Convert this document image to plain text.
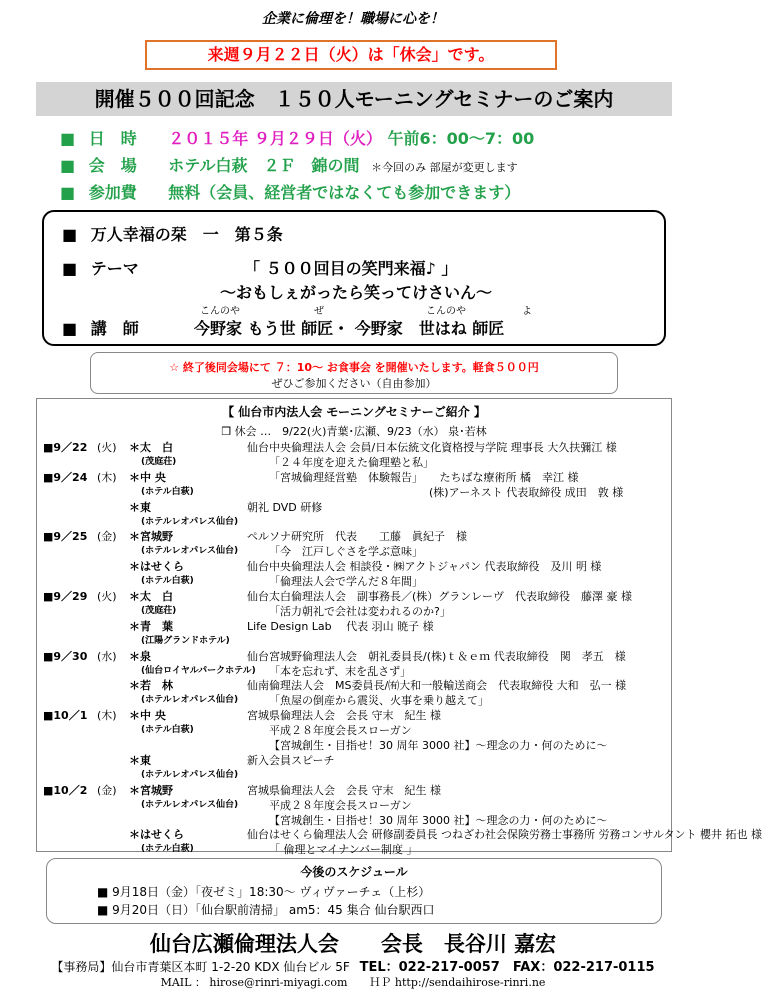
企業に倫理を！職場に心を！
来週９月２２日（火）は「休会」です。
開催５００回記念　１５０人モーニングセミナーのご案内
■ 日　時 ２０１５年 ９月２９日（火） 午前6：00～7：00
■ 会　場 ホテル白萩　２Ｆ　錦の間 ＊今回のみ 部屋が変更します
■ 参加費 無料（会員、経営者ではなくても参加できます）
■ 万人幸福の栞　一　第５条
■ テーマ	「 ５００回目の笑門来福♪ 」
～おもしぇがったら笑ってけさいん～
こんのや	ぜ	こんのや	よ
■ 講　師	今野家 もう世 師匠・ 今野家　世はね 師匠
☆ 終了後同会場にて ７：10～ お食事会 を開催いたします。軽食５００円
ぜひご参加ください（自由参加）
【 仙台市内法人会 モーニングセミナーご紹介 】
❒ 休会 …　9/22(火)青葉･広瀬、9/23（水） 泉･若林
■9／22 (火) ＊太　白	仙台中央倫理法人会 会員/日本伝統文化資格授与学院 理事長 大久扶彌江 様
(茂庭荘)	「２４年度を迎えた倫理塾と私」
■9／24 (木) ＊中 央	「宮城倫理経営塾　体験報告」　　たちばな療術所 橘　幸江 様
(ホテル白萩)	(株)アーネスト 代表取締役 成田　敦 様
＊東	朝礼 DVD 研修
(ホテルレオパレス仙台)
■9／25 (金) ＊宮城野	ペルソナ研究所　代表　　工藤　眞紀子　様
(ホテルレオパレス仙台)	「今　江戸しぐさを学ぶ意味」
＊はせくら	仙台中央倫理法人会 相談役・㈱アクトジャパン 代表取締役　及川 明 様
(ホテル白萩)	「倫理法人会で学んだ８年間」
■9／29 (火) ＊太　白	仙台太白倫理法人会　副事務長／(株）グランレーヴ　代表取締役　藤澤 豪 様
(茂庭荘)	「活力朝礼で会社は変われるのか?」
＊青　葉	Life Design Lab　 代表 羽山 暁子 様
(江陽グランドホテル)
■9／30 (水) ＊泉	仙台宮城野倫理法人会　朝礼委員長/(株)ｔ＆ｅｍ 代表取締役　関　孝五　様
(仙台ロイヤルパークホテル) 「本を忘れず、末を乱さず」
＊若　林	仙南倫理法人会　MS委員長/㈲大和一般輸送商会　代表取締役 大和　弘一 様
(ホテルレオパレス仙台)	「魚屋の倒産から震災、火事を乗り越えて」
■10／1 (木) ＊中 央	宮城県倫理法人会　会長 守末　紀生 様
(ホテル白萩)	平成２８年度会長スローガン
【宮城創生・目指せ！30 周年 3000 社】～理念の力・何のために～
＊東	新入会員スピーチ
(ホテルレオパレス仙台)
■10／2 (金) ＊宮城野	宮城県倫理法人会　会長 守末　紀生 様
(ホテルレオパレス仙台)	平成２８年度会長スローガン
【宮城創生・目指せ！30 周年 3000 社】～理念の力・何のために～
＊はせくら	仙台はせくら倫理法人会 研修副委員長 つねざわ社会保険労務士事務所 労務コンサルタント 櫻井 拓也 様
(ホテル白萩)	「 倫理とマイナンバー制度 」
今後のスケジュール
■ 9月18日（金）「夜ゼミ」18:30～ ヴィヴァーチェ（上杉）
■ 9月20日（日）「仙台駅前清掃」 am5：45 集合 仙台駅西口
仙台広瀬倫理法人会　　会長　長谷川 嘉宏
【事務局】仙台市青葉区本町 1-2-20 KDX 仙台ビル 5F TEL：022-217-0057　FAX：022-217-0115
MAIL ： hirose@rinri-miyagi.com　　ＨＰ http://sendaihirose-rinri.ne
